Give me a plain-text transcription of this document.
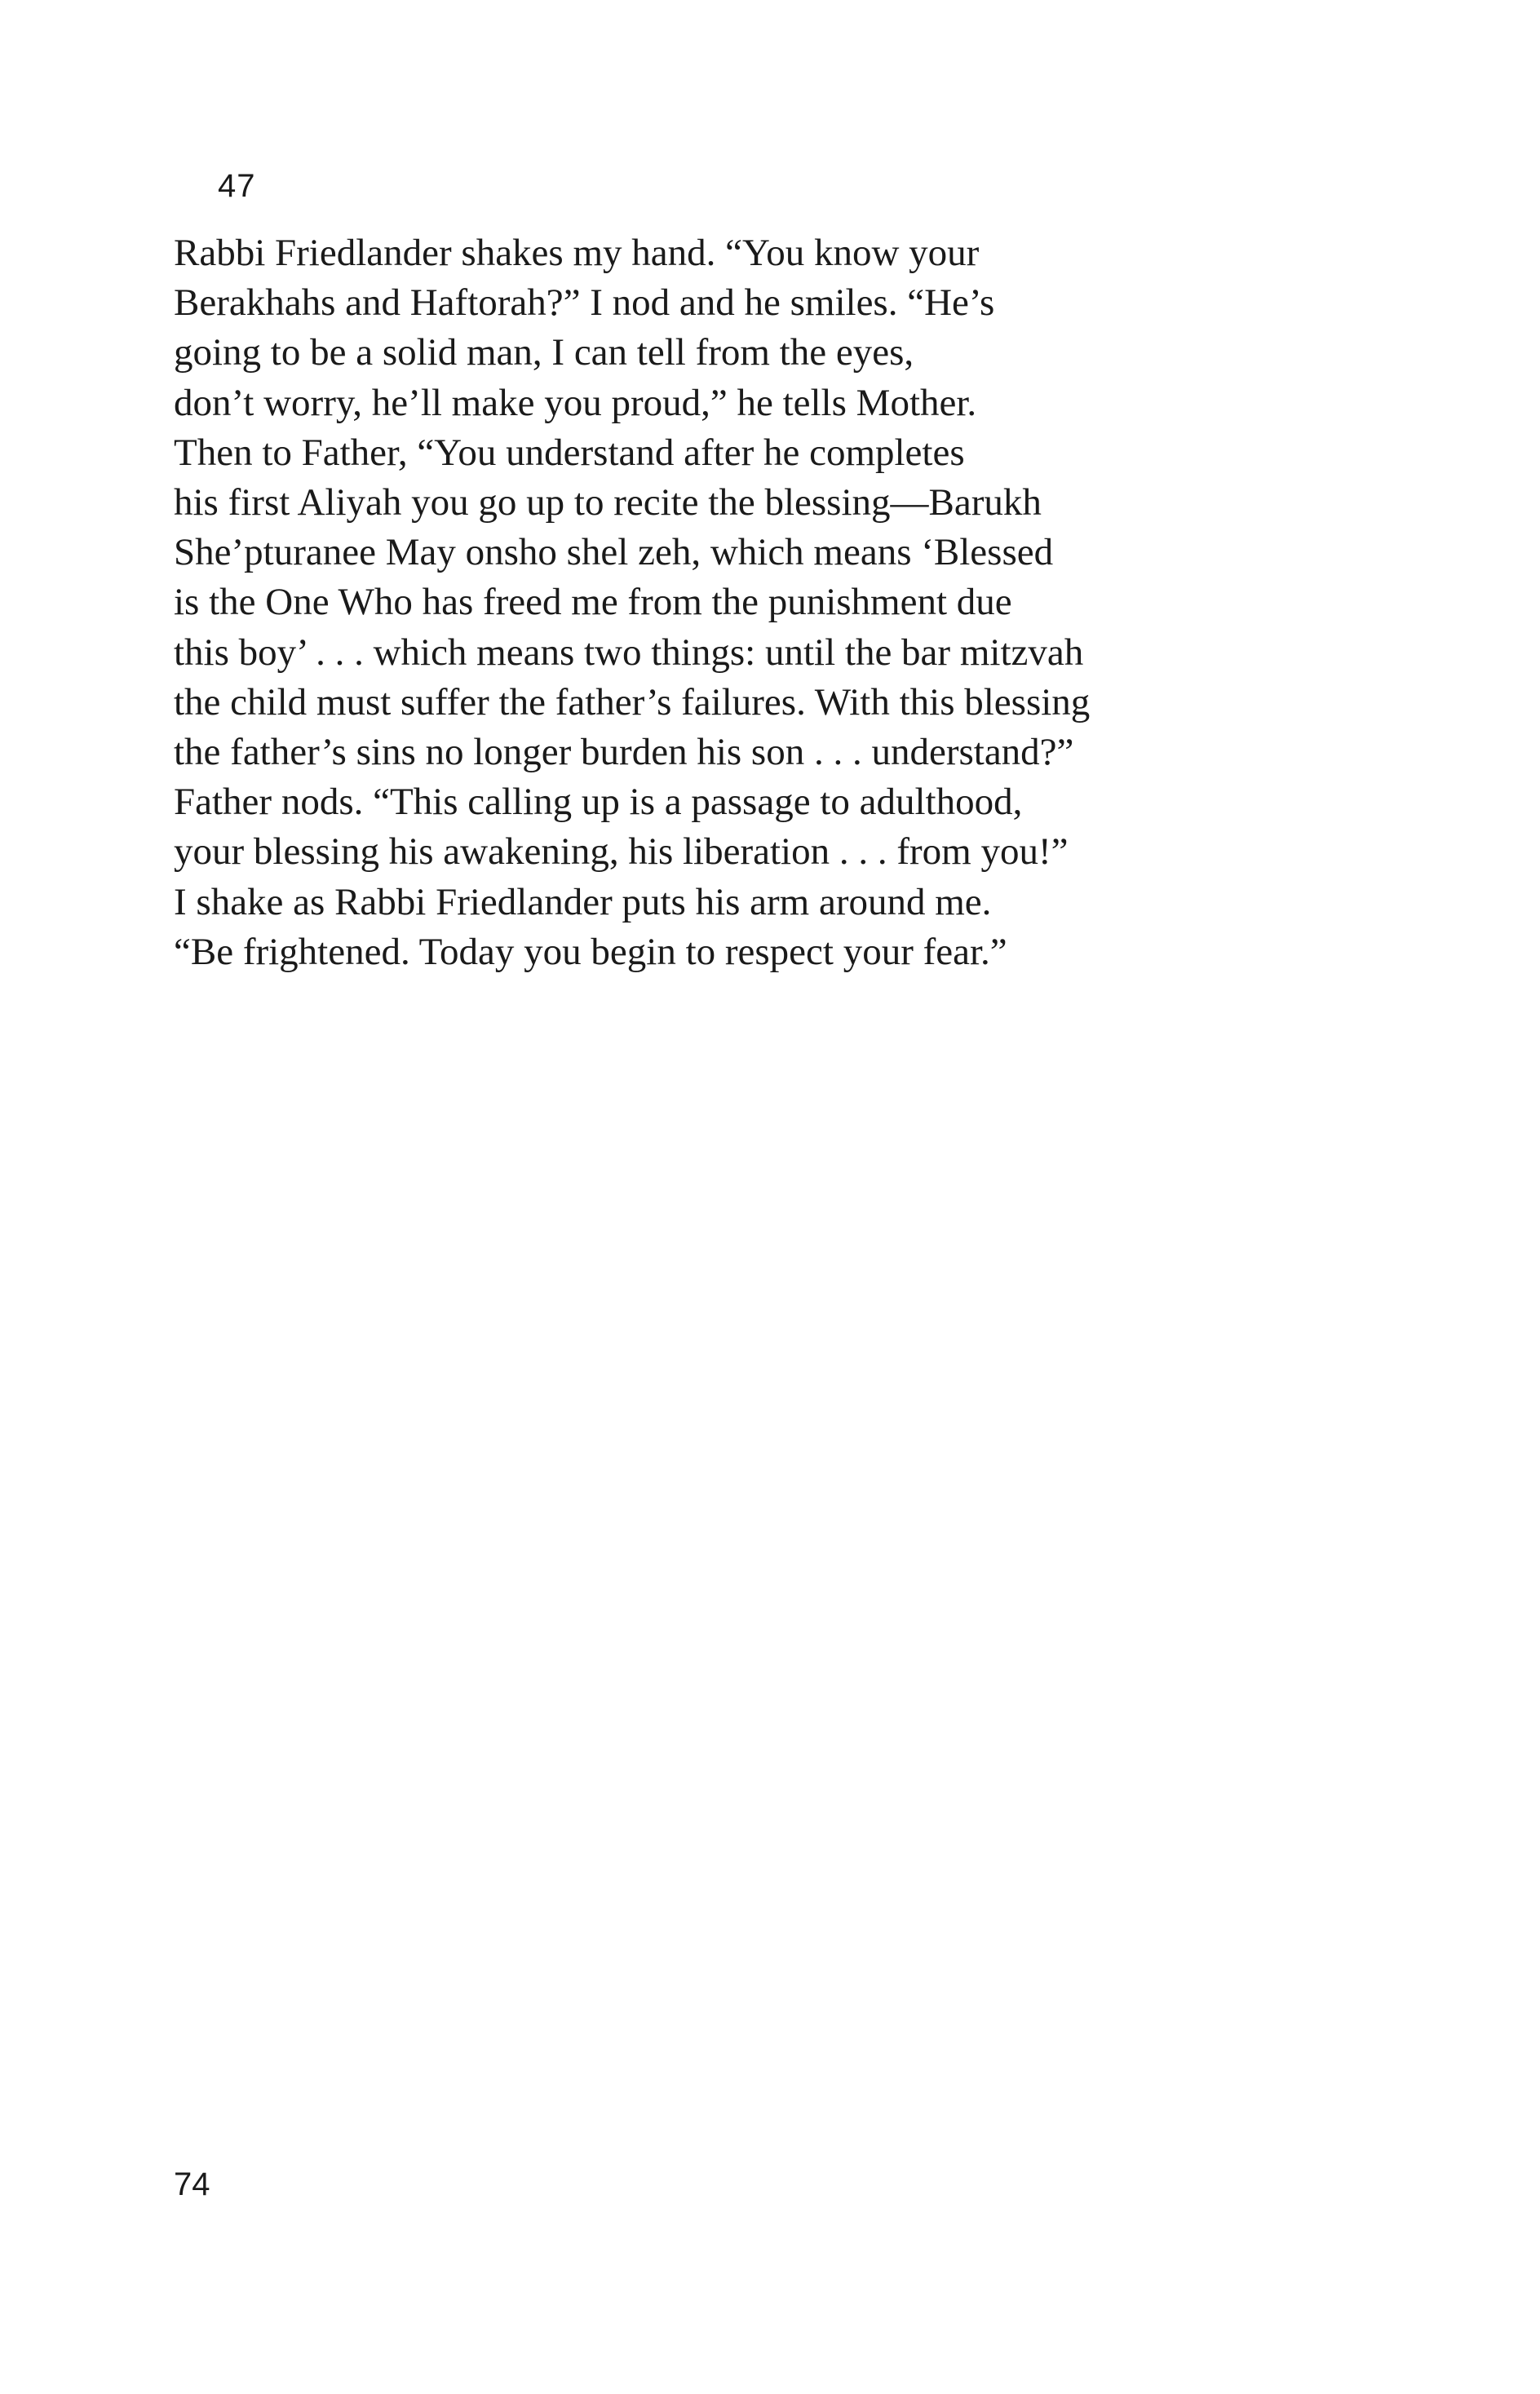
47

Rabbi Friedlander shakes my hand. “You know your
Berakhahs and Haftorah?” I nod and he smiles. “He’s
going to be a solid man, I can tell from the eyes,
don’t worry, he’ll make you proud,” he tells Mother.
Then to Father, “You understand after he completes
his first Aliyah you go up to recite the blessing—Barukh
She’pturanee May onsho shel zeh, which means ‘Blessed
is the One Who has freed me from the punishment due
this boy’ . . . which means two things: until the bar mitzvah
the child must suffer the father’s failures. With this blessing
the father’s sins no longer burden his son . . . understand?”
Father nods. “This calling up is a passage to adulthood,
your blessing his awakening, his liberation . . . from you!”
I shake as Rabbi Friedlander puts his arm around me.
“Be frightened. Today you begin to respect your fear.”

74
